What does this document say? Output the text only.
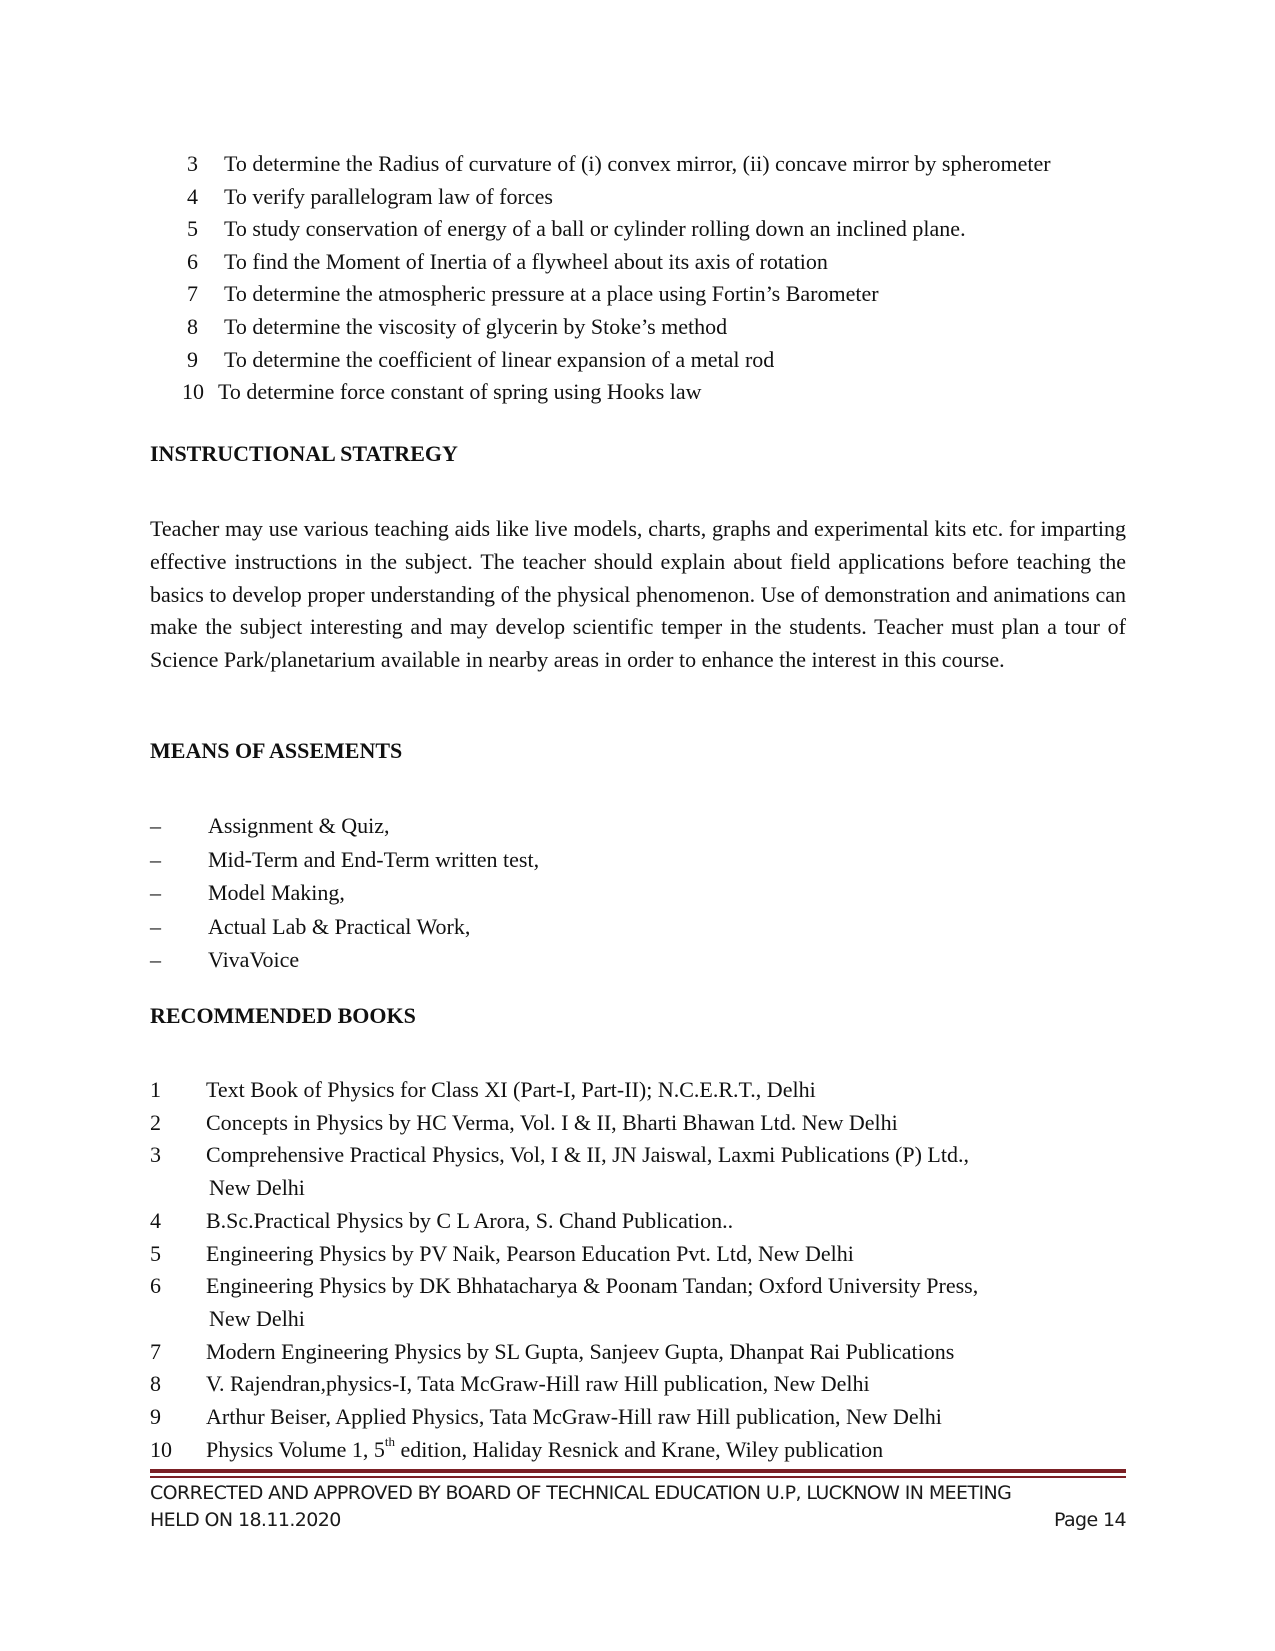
3	To determine the Radius of curvature of (i) convex mirror, (ii) concave mirror by spherometer
4	To verify parallelogram law of forces
5	To study conservation of energy of a ball or cylinder rolling down an inclined plane.
6	To find the Moment of Inertia of a flywheel about its axis of rotation
7	To determine the atmospheric pressure at a place using Fortin’s Barometer
8	To determine the viscosity of glycerin by Stoke’s method
9	To determine the coefficient of linear expansion of a metal rod
10 To determine force constant of spring using Hooks law
INSTRUCTIONAL STATREGY
Teacher may use various teaching aids like live models, charts, graphs and experimental kits etc. for imparting effective instructions in the subject. The teacher should explain about field applications before teaching the basics to develop proper understanding of the physical phenomenon. Use of demonstration and animations can make the subject interesting and may develop scientific temper in the students. Teacher must plan a tour of Science Park/planetarium available in nearby areas in order to enhance the interest in this course.
MEANS OF ASSEMENTS
–	Assignment & Quiz,
–	Mid-Term and End-Term written test,
–	Model Making,
–	Actual Lab & Practical Work,
–	VivaVoice
RECOMMENDED BOOKS
1	Text Book of Physics for Class XI (Part-I, Part-II); N.C.E.R.T., Delhi
2	Concepts in Physics by HC Verma, Vol. I & II, Bharti Bhawan Ltd. New Delhi
3	Comprehensive Practical Physics, Vol, I & II, JN Jaiswal, Laxmi Publications (P) Ltd.,
New Delhi
4	B.Sc.Practical Physics by C L Arora, S. Chand Publication..
5	Engineering Physics by PV Naik, Pearson Education Pvt. Ltd, New Delhi
6	Engineering Physics by DK Bhhatacharya & Poonam Tandan; Oxford University Press,
New Delhi
7	Modern Engineering Physics by SL Gupta, Sanjeev Gupta, Dhanpat Rai Publications
8	V. Rajendran,physics-I, Tata McGraw-Hill raw Hill publication, New Delhi
9	Arthur Beiser, Applied Physics, Tata McGraw-Hill raw Hill publication, New Delhi
10	Physics Volume 1, 5th edition, Haliday Resnick and Krane, Wiley publication
CORRECTED AND APPROVED BY BOARD OF TECHNICAL EDUCATION U.P, LUCKNOW IN MEETING
HELD ON 18.11.2020	Page 14
